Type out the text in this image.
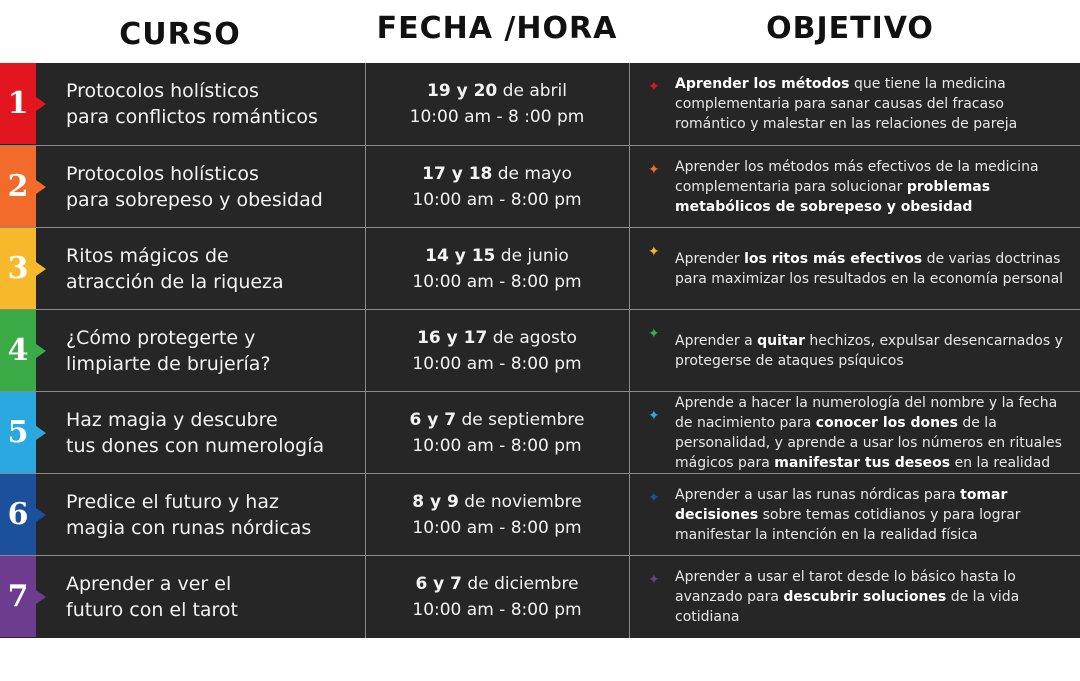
CURSO	FECHA /HORA	OBJETIVO
1 Protocolos holísticos
para conflictos románticos
19 y 20 de abril
10:00 am - 8 :00 pm
✦ Aprender los métodos que tiene la medicina complementaria para sanar causas del fracaso romántico y malestar en las relaciones de pareja
2 Protocolos holísticos
para sobrepeso y obesidad
17 y 18 de mayo
10:00 am - 8:00 pm
✦ Aprender los métodos más efectivos de la medicina complementaria para solucionar problemas metabólicos de sobrepeso y obesidad
3 Ritos mágicos de
atracción de la riqueza
14 y 15 de junio
10:00 am - 8:00 pm
✦ Aprender los ritos más efectivos de varias doctrinas para maximizar los resultados en la economía personal
4 ¿Cómo protegerte y
limpiarte de brujería?
16 y 17 de agosto
10:00 am - 8:00 pm
✦ Aprender a quitar hechizos, expulsar desencarnados y protegerse de ataques psíquicos
5 Haz magia y descubre
tus dones con numerología
6 y 7 de septiembre
10:00 am - 8:00 pm
✦
Aprende a hacer la numerología del nombre y la fecha de nacimiento para conocer los dones de la personalidad, y aprende a usar los números en rituales mágicos para manifestar tus deseos en la realidad
6 Predice el futuro y haz
magia con runas nórdicas
8 y 9 de noviembre
10:00 am - 8:00 pm
✦ Aprender a usar las runas nórdicas para tomar decisiones sobre temas cotidianos y para lograr manifestar la intención en la realidad física
7 Aprender a ver el
futuro con el tarot
6 y 7 de diciembre
10:00 am - 8:00 pm
✦ Aprender a usar el tarot desde lo básico hasta lo avanzado para descubrir soluciones de la vida cotidiana
